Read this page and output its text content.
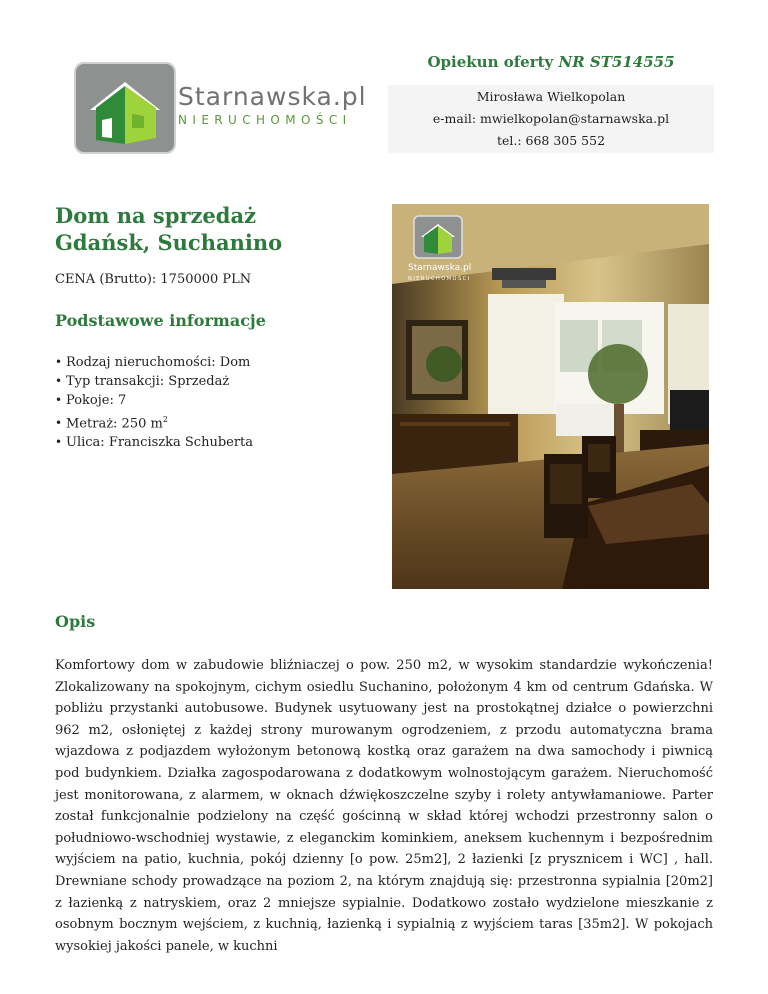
Starnawska.pl
NIERUCHOMOŚCI
Opiekun oferty NR ST514555
Mirosława Wielkopolan
e-mail: mwielkopolan@starnawska.pl
tel.: 668 305 552
Dom na sprzedaż
Gdańsk, Suchanino
CENA (Brutto): 1750000 PLN
Podstawowe informacje
• Rodzaj nieruchomości: Dom
• Typ transakcji: Sprzedaż
• Pokoje: 7
• Metraż: 250 $m^2$
• Ulica: Franciszka Schuberta
Starnawska.pl
NIERUCHOMOŚCI
Opis

Komfortowy dom w zabudowie bliźniaczej o pow. 250 m2, w wysokim standardzie wykończenia! Zlokalizowany na spokojnym, cichym osiedlu Suchanino, położonym 4 km od centrum Gdańska. W pobliżu przystanki autobusowe. Budynek usytuowany jest na prostokątnej działce o powierzchni 962 m2, osłoniętej z każdej strony murowanym ogrodzeniem, z przodu automatyczna brama wjazdowa z podjazdem wyłożonym betonową kostką oraz garażem na dwa samochody i piwnicą pod budynkiem. Działka zagospodarowana z dodatkowym wolnostojącym garażem. Nieruchomość jest monitorowana, z alarmem, w oknach dźwiękoszczelne szyby i rolety antywłamaniowe. Parter został funkcjonalnie podzielony na część gościnną w skład której wchodzi przestronny salon o południowo-wschodniej wystawie, z eleganckim kominkiem, aneksem kuchennym i bezpośrednim wyjściem na patio, kuchnia, pokój dzienny [o pow. 25m2], 2 łazienki [z prysznicem i WC] , hall. Drewniane schody prowadzące na poziom 2, na którym znajdują się: przestronna sypialnia [20m2] z łazienką z natryskiem, oraz 2 mniejsze sypialnie. Dodatkowo zostało wydzielone mieszkanie z osobnym bocznym wejściem, z kuchnią, łazienką i sypialnią z wyjściem taras [35m2]. W pokojach wysokiej jakości panele, w kuchni
